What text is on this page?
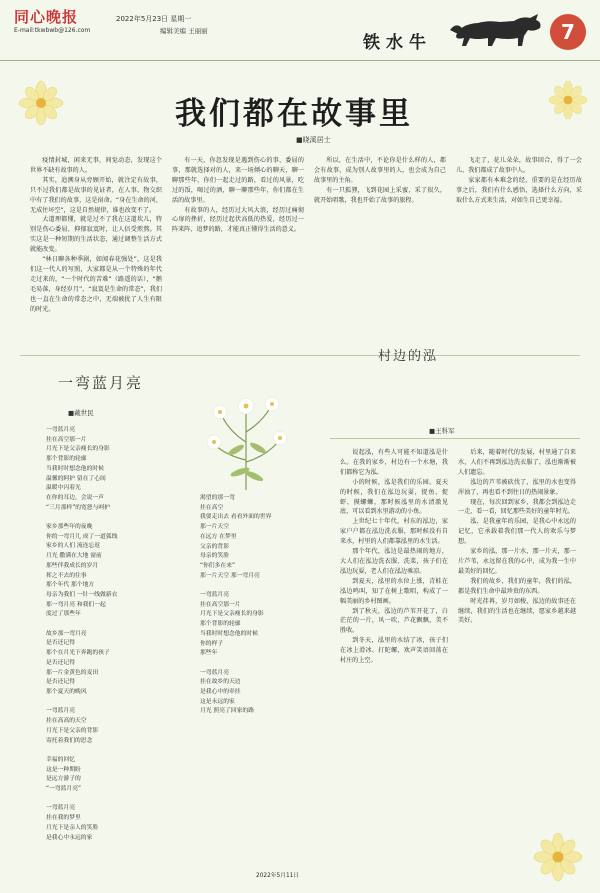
同心晚报
E-mail:tkwbwb@126.com
2022年5月23日 星期一
编辑美编 王丽丽
铁水牛	7
我们都在故事里
■晓溪居士

疫情封城，闲来无事，间觉动态，发现这个世界不缺有故事的人。

其实，追溯身从旁顾开始，就注定有故事，只不过我们都是故事的见证者，在人事、物交织中有了我们的故事，这是宿命。“身在生命的河，无成住坏空”，这是自然规律，谁也改变不了。

大道理都懂，就是过不了我在这道坎儿，特别是伤心委屈，抑郁寂寞时，让人倍受煎熬。其实这是一种短期的生活状态，通过调整生活方式就能改变。

“林日聊各种季剧，如闻春花强处”，这是我们这一代人的写照，大家都是从一个特殊的年代走过来的，“一个时代的苦难”（路遥的话），“鹅毛易落，身经岁月”，“寂寞是生命的常态”，我们也一直在生命的常态之中，无端被扰了人生有限的时光。

有一天，你忽发现是遇到伤心的事、委屈的事，那就选择对的人，来一场倾心的聊天，聊一聊那些年，你们一起走过的路，看过的风景，吃过的饭，喝过的酒，聊一聊那些年，你们都在生活的故事里。

有故事的人，经历过大风大浪，经历过痛彻心扉的挫折，经历过起伏高低的热爱，经历过一阵来阵、追梦的路，才能真正懂得生活的意义。

所以，在生活中，不论你是什么样的人，都会有故事，成为别人故事里的人，也会成为自己故事里的主角。

有一只狐狸，飞到花园上采蜜，采了很久，就开始唱歌，我也开始了故事的旅程。

飞走了，花儿朵朵，故事回合，得了一会儿，我们都成了故事中人。

家家都有本难念的经，重要的是在经历故事之后，我们有什么感悟，选择什么方向，采取什么方式来生活，对如生自己更幸福。

一弯蓝月亮
■戴世民
一弯蓝月亮
挂在高空那一片
月光下是父亲瘦长的身影
那个背影的轮廓
当我时时想念他的时候
温馨的阿护 留在了心间
温暖中闪着光
在你的耳边，会说一声
“三月那样”的宽恕与呵护

家乡那些年的夜晚
你的一弯月儿 成了一道弧线
家乡的人们 流连忘返
月光 撒满在大地 窗前
那些伴我成长的岁月
挥之不去的往事
那个年代 那个地方
母亲为我们 一针一线做新衣
那一弯月亮 和我们一起
度过了那些年

故乡那一弯月亮
是否还记得
那个在月光下奔跑的孩子
是否还记得
那一片金黄色的麦田
是否还记得
那个夏天的晚风

一弯蓝月亮
挂在高高的天空
月光下是父亲的背影
寄托着我们的思念

幸福的回忆
这是一种期盼
是远方游子的
“一弯蓝月亮”

一弯蓝月亮
挂在我的梦里
月光下是亲人的笑脸
是我心中永远的家
渴望的那一弯
挂在高空
我要走出去 看看外面的世界
那一片天空
在远方 在梦里
父亲的背影
母亲的笑脸
“你们多在来”
那一片天空 那一弯月亮

一弯蓝月亮
挂在高空那一片
月光下是父亲瘦长的身影
那个背影的轮廓
当我时时想念他的时候
你的样子
那些年

一弯蓝月亮
挂在故乡的天边
是我心中的牵挂
这是永远的家
月光 照亮了回家的路
2022年5月11日
村边的泓
■王科军

说起泓，有些人可能不知道泓是什么。在我的家乡，村边有一个水塘，我们都称它为泓。

小的时候，泓是我们的乐园。夏天的时候，我们在泓边玩耍，捉鱼、捉虾、摸螺蛳，那时候泓里的水清澈见底，可以看到水里游动的小鱼。

上世纪七十年代，村东的泓边，家家户户都在泓边洗衣服，那时候没有自来水，村里的人们都靠泓里的水生活。

那个年代，泓边是最热闹的地方，大人们在泓边洗衣服、洗菜，孩子们在泓边玩耍，老人们在泓边乘凉。

到夏天，泓里的水位上涨，青蛙在泓边鸣叫，知了在树上歌唱，构成了一幅美丽的乡村图画。

到了秋天，泓边的芦苇开花了，白茫茫的一片，风一吹，芦花飘飘，美不胜收。

到冬天，泓里的水结了冰，孩子们在冰上滑冰、打陀螺，欢声笑语回荡在村庄的上空。

后来，随着时代的发展，村里通了自来水，人们不再到泓边洗衣服了，泓也渐渐被人们遗忘。

泓边的芦苇被砍伐了，泓里的水也变得浑浊了，再也看不到往日的热闹景象。

现在，每次回到家乡，我都会到泓边走一走，看一看，回忆那些美好的童年时光。

泓，是我童年的乐园，是我心中永远的记忆，它承载着我们那一代人的欢乐与梦想。

家乡的泓，那一片水，那一片天，那一片芦苇，永远留在我的心中，成为我一生中最美好的回忆。

我们的故乡，我们的童年，我们的泓，都是我们生命中最珍贵的东西。

时光荏苒，岁月如梭，泓边的故事还在继续，我们的生活也在继续，愿家乡越来越美好。
